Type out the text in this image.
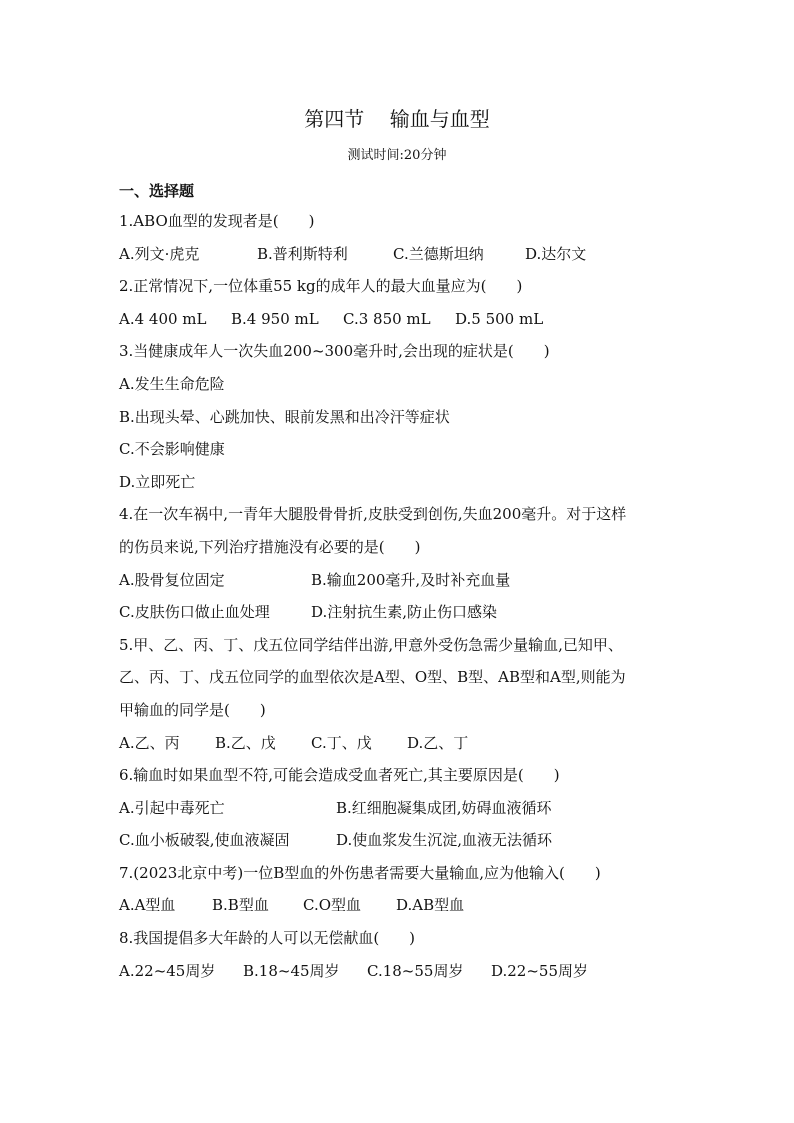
第四节    输血与血型
测试时间:20分钟
一、选择题
1.ABO血型的发现者是(　　)
A.列文·虎克	B.普利斯特利	C.兰德斯坦纳	D.达尔文
2.正常情况下,一位体重55 kg的成年人的最大血量应为(　　)
A.4 400 mL B.4 950 mL C.3 850 mL D.5 500 mL
3.当健康成年人一次失血200~300毫升时,会出现的症状是(　　)
A.发生生命危险
B.出现头晕、心跳加快、眼前发黑和出冷汗等症状
C.不会影响健康
D.立即死亡
4.在一次车祸中,一青年大腿股骨骨折,皮肤受到创伤,失血200毫升。对于这样
的伤员来说,下列治疗措施没有必要的是(　　)
A.股骨复位固定	B.输血200毫升,及时补充血量
C.皮肤伤口做止血处理	D.注射抗生素,防止伤口感染
5.甲、乙、丙、丁、戊五位同学结伴出游,甲意外受伤急需少量输血,已知甲、
乙、丙、丁、戊五位同学的血型依次是A型、O型、B型、AB型和A型,则能为
甲输血的同学是(　　)
A.乙、丙 B.乙、戊 C.丁、戊 D.乙、丁
6.输血时如果血型不符,可能会造成受血者死亡,其主要原因是(　　)
A.引起中毒死亡	B.红细胞凝集成团,妨碍血液循环
C.血小板破裂,使血液凝固	D.使血浆发生沉淀,血液无法循环
7.(2023北京中考)一位B型血的外伤患者需要大量输血,应为他输入(　　)
A.A型血 B.B型血 C.O型血 D.AB型血
8.我国提倡多大年龄的人可以无偿献血(　　)
A.22~45周岁 B.18~45周岁 C.18~55周岁 D.22~55周岁
